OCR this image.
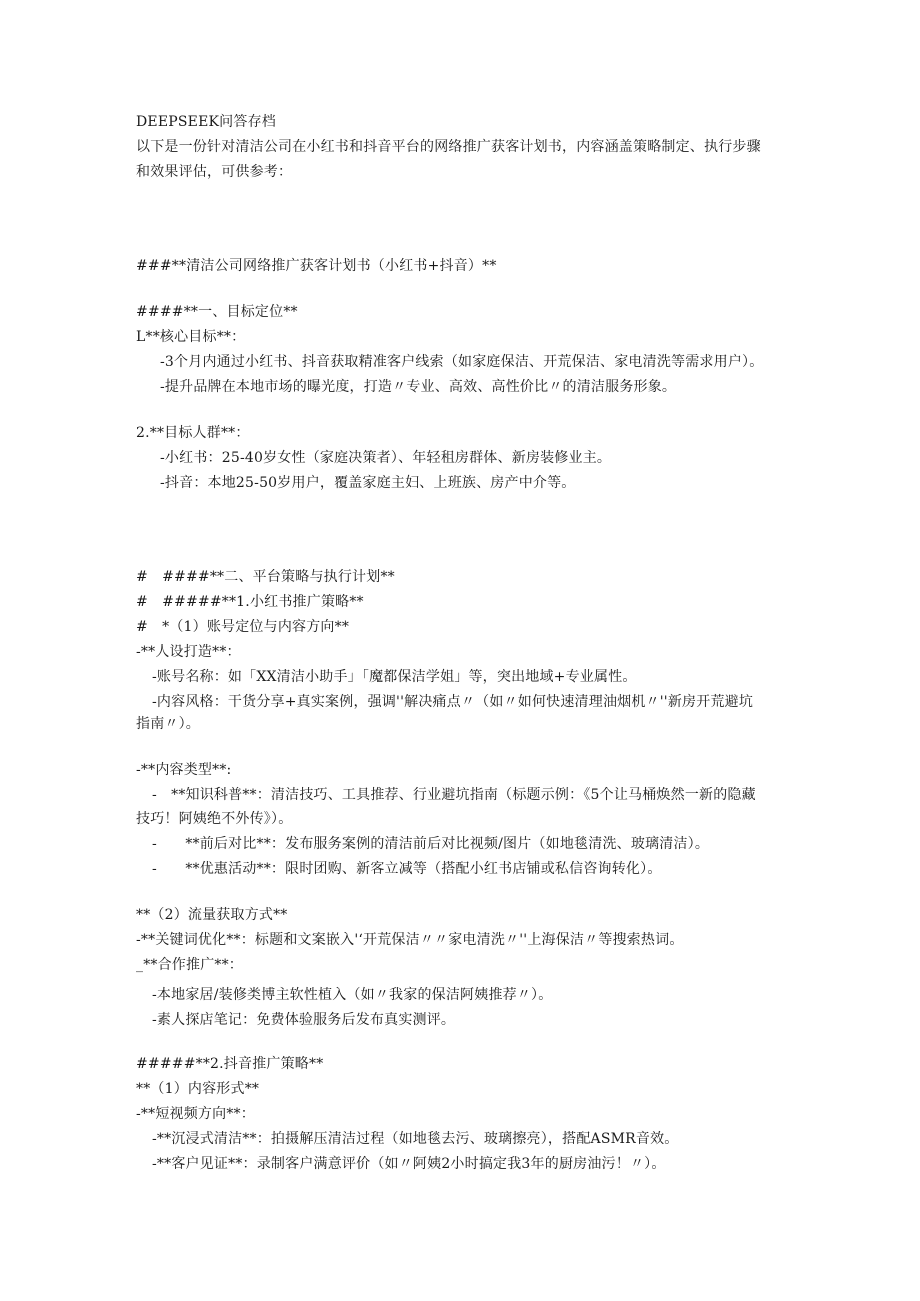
DEEPSEEK问答存档
以下是一份针对清洁公司在小红书和抖音平台的网络推广获客计划书，内容涵盖策略制定、执行步骤
和效果评估，可供参考：
###**清洁公司网络推广获客计划书（小红书+抖音）**
####**一、目标定位**
L**核心目标**：
-3个月内通过小红书、抖音获取精准客户线索（如家庭保洁、开荒保洁、家电清洗等需求用户）。
-提升品牌在本地市场的曝光度，打造〃专业、高效、高性价比〃的清洁服务形象。
2.**目标人群**：
-小红书：25-40岁女性（家庭决策者）、年轻租房群体、新房装修业主。
-抖音：本地25-50岁用户，覆盖家庭主妇、上班族、房产中介等。
#　####**二、平台策略与执行计划**
#　#####**1.小红书推广策略**
#　*（1）账号定位与内容方向**
-**人设打造**：
-账号名称：如「XX清洁小助手」「魔都保洁学姐」等，突出地域+专业属性。
-内容风格：干货分享+真实案例，强调''解决痛点〃（如〃如何快速清理油烟机〃''新房开荒避坑
指南〃）。
-**内容类型**:
-　**知识科普**：清洁技巧、工具推荐、行业避坑指南（标题示例：《5个让马桶焕然一新的隐藏
技巧！阿姨绝不外传》）。
-　　**前后对比**：发布服务案例的清洁前后对比视频/图片（如地毯清洗、玻璃清洁）。
-　　**优惠活动**：限时团购、新客立减等（搭配小红书店铺或私信咨询转化）。
**（2）流量获取方式**
-**关键词优化**：标题和文案嵌入'‘开荒保洁〃〃家电清洗〃''上海保洁〃等搜索热词。
_**合作推广**：
-本地家居/装修类博主软性植入（如〃我家的保洁阿姨推荐〃）。
-素人探店笔记：免费体验服务后发布真实测评。
#####**2.抖音推广策略**
**（1）内容形式**
-**短视频方向**：
-**沉浸式清洁**：拍摄解压清洁过程（如地毯去污、玻璃擦亮），搭配ASMR音效。
-**客户见证**：录制客户满意评价（如〃阿姨2小时搞定我3年的厨房油污！〃）。
